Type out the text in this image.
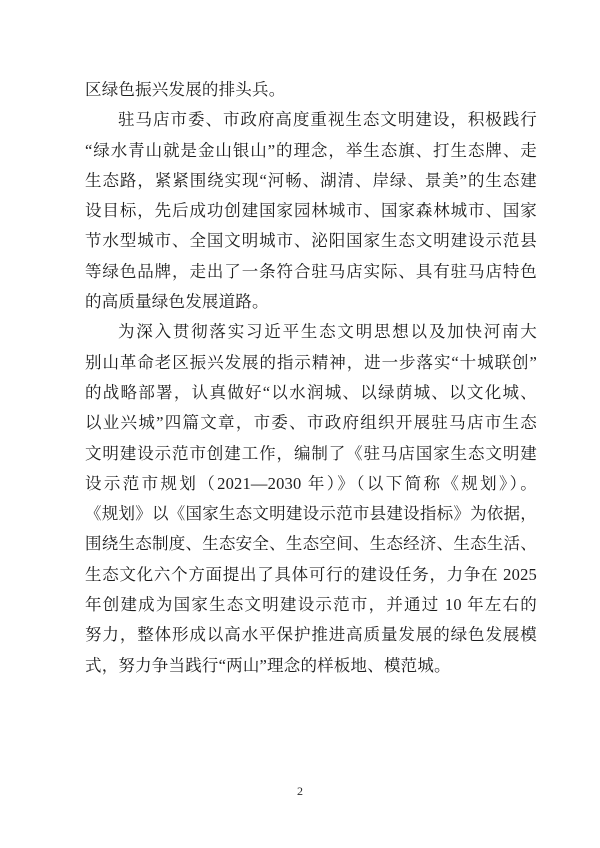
区绿色振兴发展的排头兵。
驻马店市委、市政府高度重视生态文明建设，积极践行
“绿水青山就是金山银山”的理念，举生态旗、打生态牌、走
生态路，紧紧围绕实现“河畅、湖清、岸绿、景美”的生态建
设目标，先后成功创建国家园林城市、国家森林城市、国家
节水型城市、全国文明城市、泌阳国家生态文明建设示范县
等绿色品牌，走出了一条符合驻马店实际、具有驻马店特色
的高质量绿色发展道路。
为深入贯彻落实习近平生态文明思想以及加快河南大
别山革命老区振兴发展的指示精神，进一步落实“十城联创”
的战略部署，认真做好“以水润城、以绿荫城、以文化城、
以业兴城”四篇文章，市委、市政府组织开展驻马店市生态
文明建设示范市创建工作，编制了《驻马店国家生态文明建
设示范市规划（2021—2030 年）》（以下简称《规划》）。
《规划》以《国家生态文明建设示范市县建设指标》为依据，
围绕生态制度、生态安全、生态空间、生态经济、生态生活、
生态文化六个方面提出了具体可行的建设任务，力争在 2025
年创建成为国家生态文明建设示范市，并通过 10 年左右的
努力，整体形成以高水平保护推进高质量发展的绿色发展模
式，努力争当践行“两山”理念的样板地、模范城。
2
